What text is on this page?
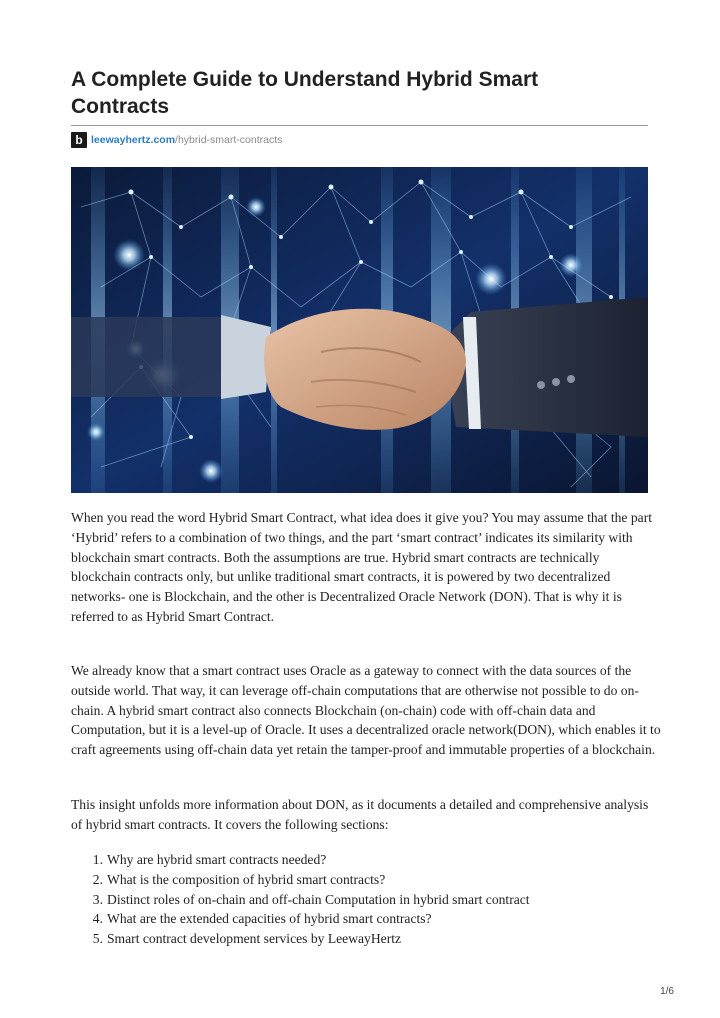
A Complete Guide to Understand Hybrid Smart Contracts
b leewayhertz.com /hybrid-smart-contracts

When you read the word Hybrid Smart Contract, what idea does it give you? You may assume that the part ‘Hybrid’ refers to a combination of two things, and the part ‘smart contract’ indicates its similarity with blockchain smart contracts. Both the assumptions are true. Hybrid smart contracts are technically blockchain contracts only, but unlike traditional smart contracts, it is powered by two decentralized networks- one is Blockchain, and the other is Decentralized Oracle Network (DON). That is why it is referred to as Hybrid Smart Contract.

We already know that a smart contract uses Oracle as a gateway to connect with the data sources of the outside world. That way, it can leverage off-chain computations that are otherwise not possible to do on-chain. A hybrid smart contract also connects Blockchain (on-chain) code with off-chain data and Computation, but it is a level-up of Oracle. It uses a decentralized oracle network(DON), which enables it to craft agreements using off-chain data yet retain the tamper-proof and immutable properties of a blockchain.

This insight unfolds more information about DON, as it documents a detailed and comprehensive analysis of hybrid smart contracts. It covers the following sections:

1. Why are hybrid smart contracts needed?
2. What is the composition of hybrid smart contracts?
3. Distinct roles of on-chain and off-chain Computation in hybrid smart contract
4. What are the extended capacities of hybrid smart contracts?
5. Smart contract development services by LeewayHertz
1/6
